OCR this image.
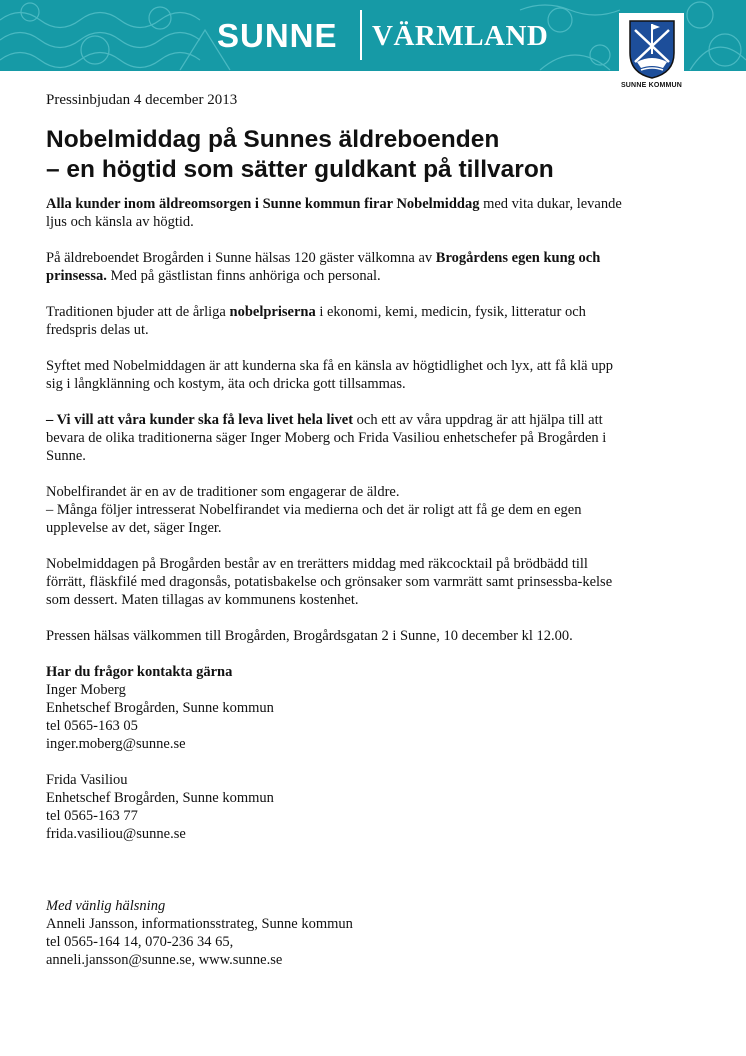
SUNNE VÄRMLAND
SUNNE KOMMUN
Pressinbjudan 4 december 2013
Nobelmiddag på Sunnes äldreboenden
– en högtid som sätter guldkant på tillvaron

Alla kunder inom äldreomsorgen i Sunne kommun firar Nobelmiddag med vita dukar, levande ljus och känsla av högtid.

På äldreboendet Brogården i Sunne hälsas 120 gäster välkomna av Brogårdens egen kung och prinsessa. Med på gästlistan finns anhöriga och personal.

Traditionen bjuder att de årliga nobelpriserna i ekonomi, kemi, medicin, fysik, litteratur och fredspris delas ut.

Syftet med Nobelmiddagen är att kunderna ska få en känsla av högtidlighet och lyx, att få klä upp sig i långklänning och kostym, äta och dricka gott tillsammas.

– Vi vill att våra kunder ska få leva livet hela livet och ett av våra uppdrag är att hjälpa till att bevara de olika traditionerna säger Inger Moberg och Frida Vasiliou enhetschefer på Brogården i Sunne.

Nobelfirandet är en av de traditioner som engagerar de äldre.
– Många följer intresserat Nobelfirandet via medierna och det är roligt att få ge dem en egen upplevelse av det, säger Inger.

Nobelmiddagen på Brogården består av en trerätters middag med räkcocktail på brödbädd till förrätt, fläskfilé med dragonsås, potatisbakelse och grönsaker som varmrätt samt prinsessba-kelse som dessert. Maten tillagas av kommunens kostenhet.

Pressen hälsas välkommen till Brogården, Brogårdsgatan 2 i Sunne, 10 december kl 12.00.

Har du frågor kontakta gärna
Inger Moberg
Enhetschef Brogården, Sunne kommun
tel 0565-163 05
inger.moberg@sunne.se

Frida Vasiliou
Enhetschef Brogården, Sunne kommun
tel 0565-163 77
frida.vasiliou@sunne.se

Med vänlig hälsning
Anneli Jansson, informationsstrateg, Sunne kommun
tel 0565-164 14, 070-236 34 65,
anneli.jansson@sunne.se, www.sunne.se
